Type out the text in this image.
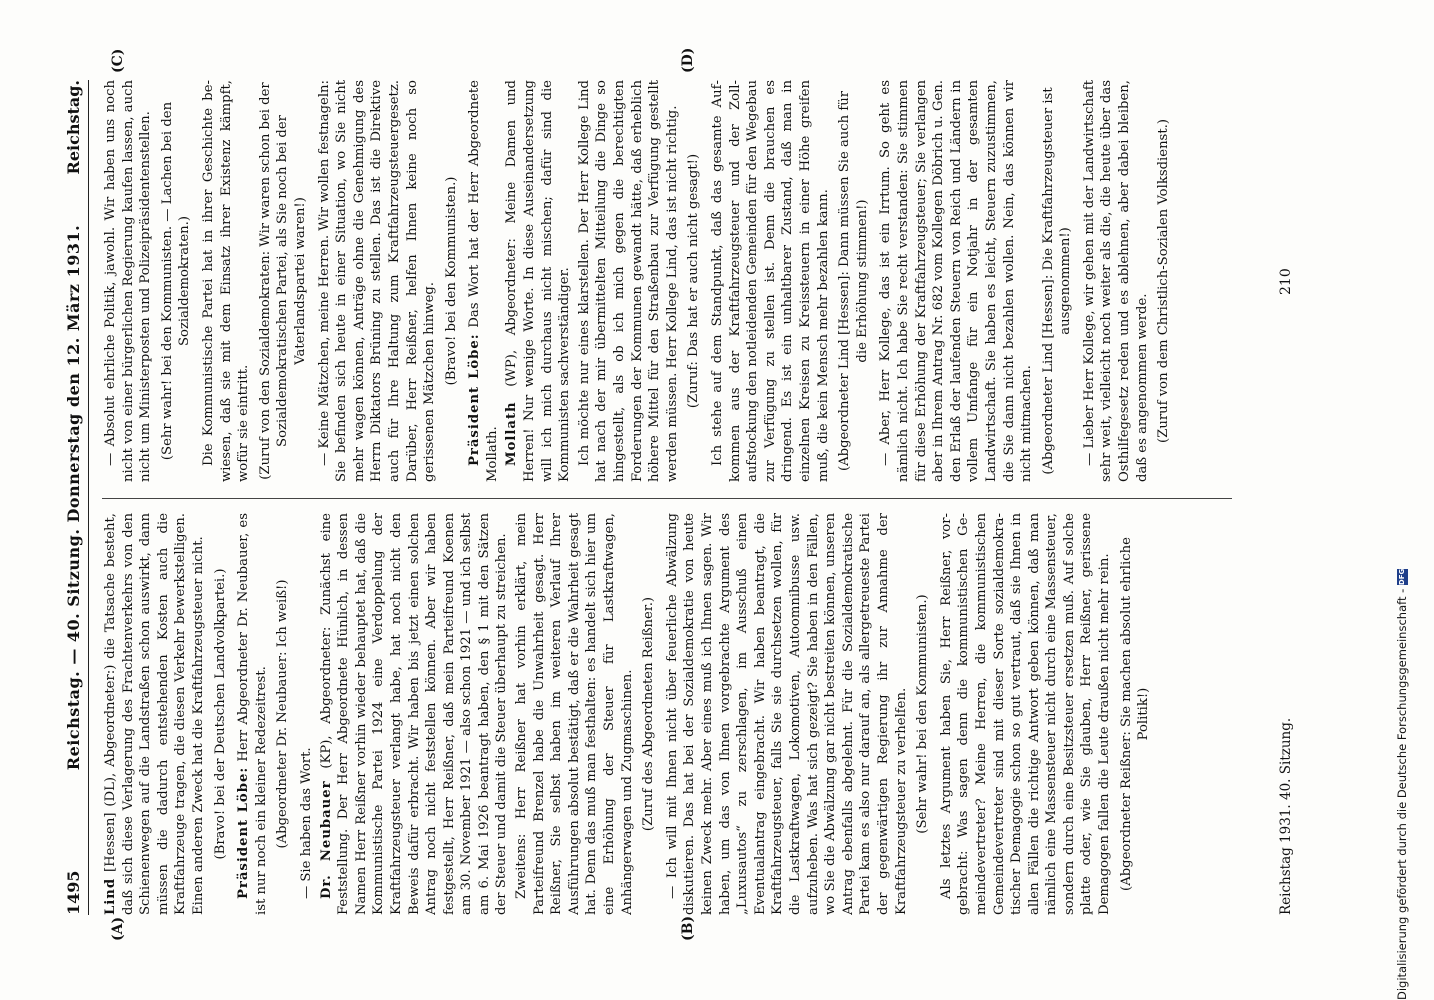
1495
Reichstag. — 40. Sitzung. Donnerstag den 12. März 1931.
Reichstag.
(A)	(B)
(C)	(D)

Lind [Hessen] (DL), Abgeordneter:) die Tatsache besteht, daß sich diese Verlagerung des Frachtenverkehrs von den Schienenwegen auf die Landstraßen schon auswirkt, dann müssen die dadurch entstehenden Kosten auch die Kraftfahrzeuge tragen, die diesen Verkehr bewerkstelligen. Einen anderen Zweck hat die Kraftfahrzeugsteuer nicht. (Bravo! bei der Deutschen Landvolkpartei.) Präsident Löbe: Herr Abgeordneter Dr. Neubauer, es ist nur noch ein kleiner Redezeitrest. (Abgeordneter Dr. Neubauer: Ich weiß!) — Sie haben das Wort. Dr. Neubauer (KP), Abgeordneter: Zunächst eine Feststellung. Der Herr Abgeordnete Hünlich, in dessen Namen Herr Reißner vorhin wieder behauptet hat, daß die Kommunistische Partei 1924 eine Verdoppelung der Kraftfahrzeugsteuer verlangt habe, hat noch nicht den Beweis dafür erbracht. Wir haben bis jetzt einen solchen Antrag noch nicht feststellen können. Aber wir haben festgestellt, Herr Reißner, daß mein Parteifreund Koenen am 30. November 1921 — also schon 1921 — und ich selbst am 6. Mai 1926 beantragt haben, den § 1 mit den Sätzen der Steuer und damit die Steuer überhaupt zu streichen. Zweitens: Herr Reißner hat vorhin erklärt, mein Parteifreund Brenzel habe die Unwahrheit gesagt. Herr Reißner, Sie selbst haben im weiteren Verlauf Ihrer Ausführungen absolut bestätigt, daß er die Wahrheit gesagt hat. Denn das muß man festhalten: es handelt sich hier um eine Erhöhung der Steuer für Lastkraftwagen, Anhängerwagen und Zugmaschinen. (Zuruf des Abgeordneten Reißner.) — Ich will mit Ihnen nicht über feuerliche Abwälzung diskutieren. Das hat bei der Sozialdemokratie von heute keinen Zweck mehr. Aber eines muß ich Ihnen sagen. Wir haben, um das von Ihnen vorgebrachte Argument des „Luxusautos“ zu zerschlagen, im Ausschuß einen Eventualantrag eingebracht. Wir haben beantragt, die Kraftfahrzeugsteuer, falls Sie sie durchsetzen wollen, für die Lastkraftwagen, Lokomotiven, Autoomnibusse usw. aufzuheben. Was hat sich gezeigt? Sie haben in den Fällen, wo Sie die Abwälzung gar nicht bestreiten können, unseren Antrag ebenfalls abgelehnt. Für die Sozialdemokratische Partei kam es also nur darauf an, als allergetreueste Partei der gegenwärtigen Regierung ihr zur Annahme der Kraftfahrzeugsteuer zu verhelfen. (Sehr wahr! bei den Kommunisten.) Als letztes Argument haben Sie, Herr Reißner, vorgebracht: Was sagen denn die kommunistischen Gemeindevertreter? Meine Herren, die kommunistischen Gemeindevertreter sind mit dieser Sorte sozialdemokratischer Demagogie schon so gut vertraut, daß sie Ihnen in allen Fällen die richtige Antwort geben können, daß man nämlich eine Massensteuer nicht durch eine Massensteuer, sondern durch eine Besitzsteuer ersetzen muß. Auf solche platte oder, wie Sie glauben, Herr Reißner, gerissene Demagogen fallen die Leute draußen nicht mehr rein. (Abgeordneter Reißner: Sie machen absolut ehrliche Politik!)

— Absolut ehrliche Politik, jawohl. Wir haben uns noch nicht von einer bürgerlichen Regierung kaufen lassen, auch nicht um Ministerposten und Polizeipräsidentenstellen. (Sehr wahr! bei den Kommunisten. — Lachen bei den Sozialdemokraten.) Die Kommunistische Partei hat in ihrer Geschichte bewiesen, daß sie mit dem Einsatz ihrer Existenz kämpft, wofür sie eintritt. (Zuruf von den Sozialdemokraten: Wir waren schon bei der Sozialdemokratischen Partei, als Sie noch bei der Vaterlandspartei waren!) — Keine Mätzchen, meine Herren. Wir wollen festnageln: Sie befinden sich heute in einer Situation, wo Sie nicht mehr wagen können, Anträge ohne die Genehmigung des Herrn Diktators Brüning zu stellen. Das ist die Direktive auch für Ihre Haltung zum Kraftfahrzeugsteuergesetz. Darüber, Herr Reißner, helfen Ihnen keine noch so gerissenen Mätzchen hinweg. (Bravo! bei den Kommunisten.)

Präsident Löbe: Das Wort hat der Herr Abgeordnete Mollath. Mollath (WP), Abgeordneter: Meine Damen und Herren! Nur wenige Worte. In diese Auseinandersetzung will ich mich durchaus nicht mischen; dafür sind die Kommunisten sachverständiger. Ich möchte nur eines klarstellen. Der Herr Kollege Lind hat nach der mir übermittelten Mitteilung die Dinge so hingestellt, als ob ich mich gegen die berechtigten Forderungen der Kommunen gewandt hätte, daß erheblich höhere Mittel für den Straßenbau zur Verfügung gestellt werden müssen. Herr Kollege Lind, das ist nicht richtig. (Zuruf: Das hat er auch nicht gesagt!) Ich stehe auf dem Standpunkt, daß das gesamte Aufkommen aus der Kraftfahrzeugsteuer und der Zollaufstockung den notleidenden Gemeinden für den Wegebau zur Verfügung zu stellen ist. Denn die brauchen es dringend. Es ist ein unhaltbarer Zustand, daß man in einzelnen Kreisen zu Kreissteuern in einer Höhe greifen muß, die kein Mensch mehr bezahlen kann. (Abgeordneter Lind [Hessen]: Dann müssen Sie auch für die Erhöhung stimmen!) — Aber, Herr Kollege, das ist ein Irrtum. So geht es nämlich nicht. Ich habe Sie recht verstanden: Sie stimmen für diese Erhöhung der Kraftfahrzeugsteuer; Sie verlangen aber in Ihrem Antrag Nr. 682 vom Kollegen Döbrich u. Gen. den Erlaß der laufenden Steuern von Reich und Ländern in vollem Umfange für ein Notjahr in der gesamten Landwirtschaft. Sie haben es leicht, Steuern zuzustimmen, die Sie dann nicht bezahlen wollen. Nein, das können wir nicht mitmachen. (Abgeordneter Lind [Hessen]: Die Kraftfahrzeugsteuer ist ausgenommen!) — Lieber Herr Kollege, wir gehen mit der Landwirtschaft sehr weit, vielleicht noch weiter als die, die heute über das Osthilfegesetz reden und es ablehnen, aber dabei bleiben, daß es angenommen werde. (Zuruf von dem Christlich-Sozialen Volksdienst.)

Reichstag 1931. 40. Sitzung.
210
Digitalisierung gefördert durch die Deutsche Forschungsgemeinschaft - DFG
